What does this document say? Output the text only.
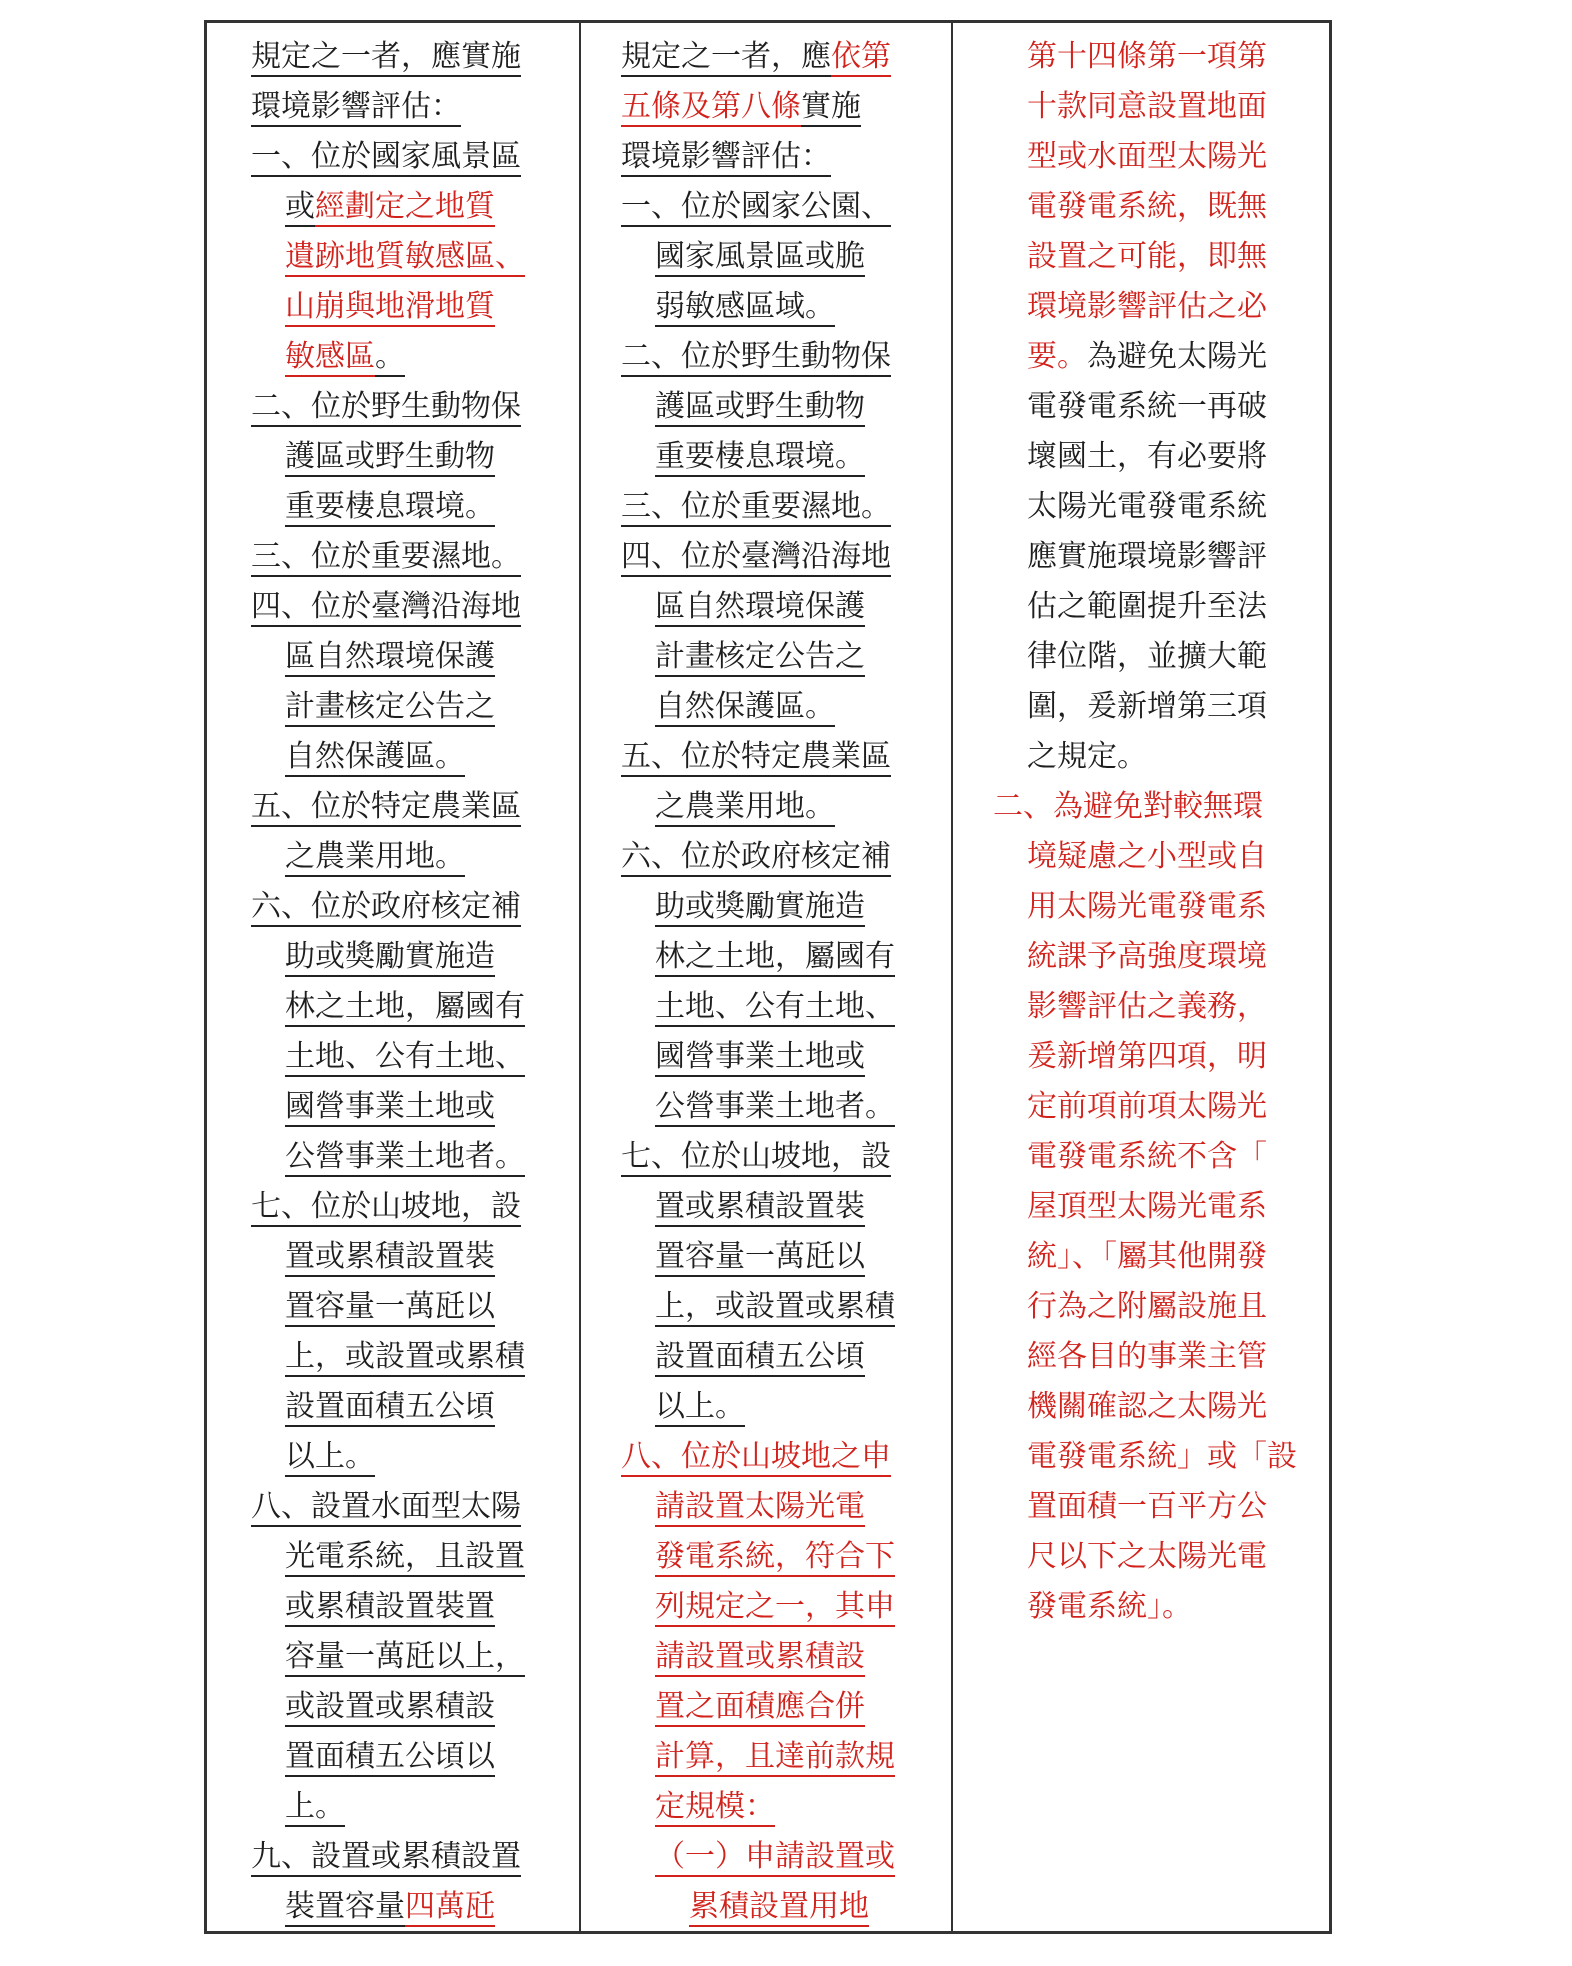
規定之一者，應實施
環境影響評估：
一、位於國家風景區
或經劃定之地質
遺跡地質敏感區、
山崩與地滑地質
敏感區。
二、位於野生動物保
護區或野生動物
重要棲息環境。
三、位於重要濕地。
四、位於臺灣沿海地
區自然環境保護
計畫核定公告之
自然保護區。
五、位於特定農業區
之農業用地。
六、位於政府核定補
助或獎勵實施造
林之土地，屬國有
土地、公有土地、
國營事業土地或
公營事業土地者。
七、位於山坡地，設
置或累積設置裝
置容量一萬瓩以
上，或設置或累積
設置面積五公頃
以上。
八、設置水面型太陽
光電系統，且設置
或累積設置裝置
容量一萬瓩以上，
或設置或累積設
置面積五公頃以
上。
九、設置或累積設置
裝置容量四萬瓩
規定之一者，應依第
五條及第八條實施
環境影響評估：
一、位於國家公園、
國家風景區或脆
弱敏感區域。
二、位於野生動物保
護區或野生動物
重要棲息環境。
三、位於重要濕地。
四、位於臺灣沿海地
區自然環境保護
計畫核定公告之
自然保護區。
五、位於特定農業區
之農業用地。
六、位於政府核定補
助或獎勵實施造
林之土地，屬國有
土地、公有土地、
國營事業土地或
公營事業土地者。
七、位於山坡地，設
置或累積設置裝
置容量一萬瓩以
上，或設置或累積
設置面積五公頃
以上。
八、位於山坡地之申
請設置太陽光電
發電系統，符合下
列規定之一，其申
請設置或累積設
置之面積應合併
計算，且達前款規
定規模：
（一）申請設置或
累積設置用地
第十四條第一項第
十款同意設置地面
型或水面型太陽光
電發電系統，既無
設置之可能，即無
環境影響評估之必
要。為避免太陽光
電發電系統一再破
壞國土，有必要將
太陽光電發電系統
應實施環境影響評
估之範圍提升至法
律位階，並擴大範
圍，爰新增第三項
之規定。
二、為避免對較無環
境疑慮之小型或自
用太陽光電發電系
統課予高強度環境
影響評估之義務，
爰新增第四項，明
定前項前項太陽光
電發電系統不含「
屋頂型太陽光電系
統」、「屬其他開發
行為之附屬設施且
經各目的事業主管
機關確認之太陽光
電發電系統」或「設
置面積一百平方公
尺以下之太陽光電
發電系統」。
